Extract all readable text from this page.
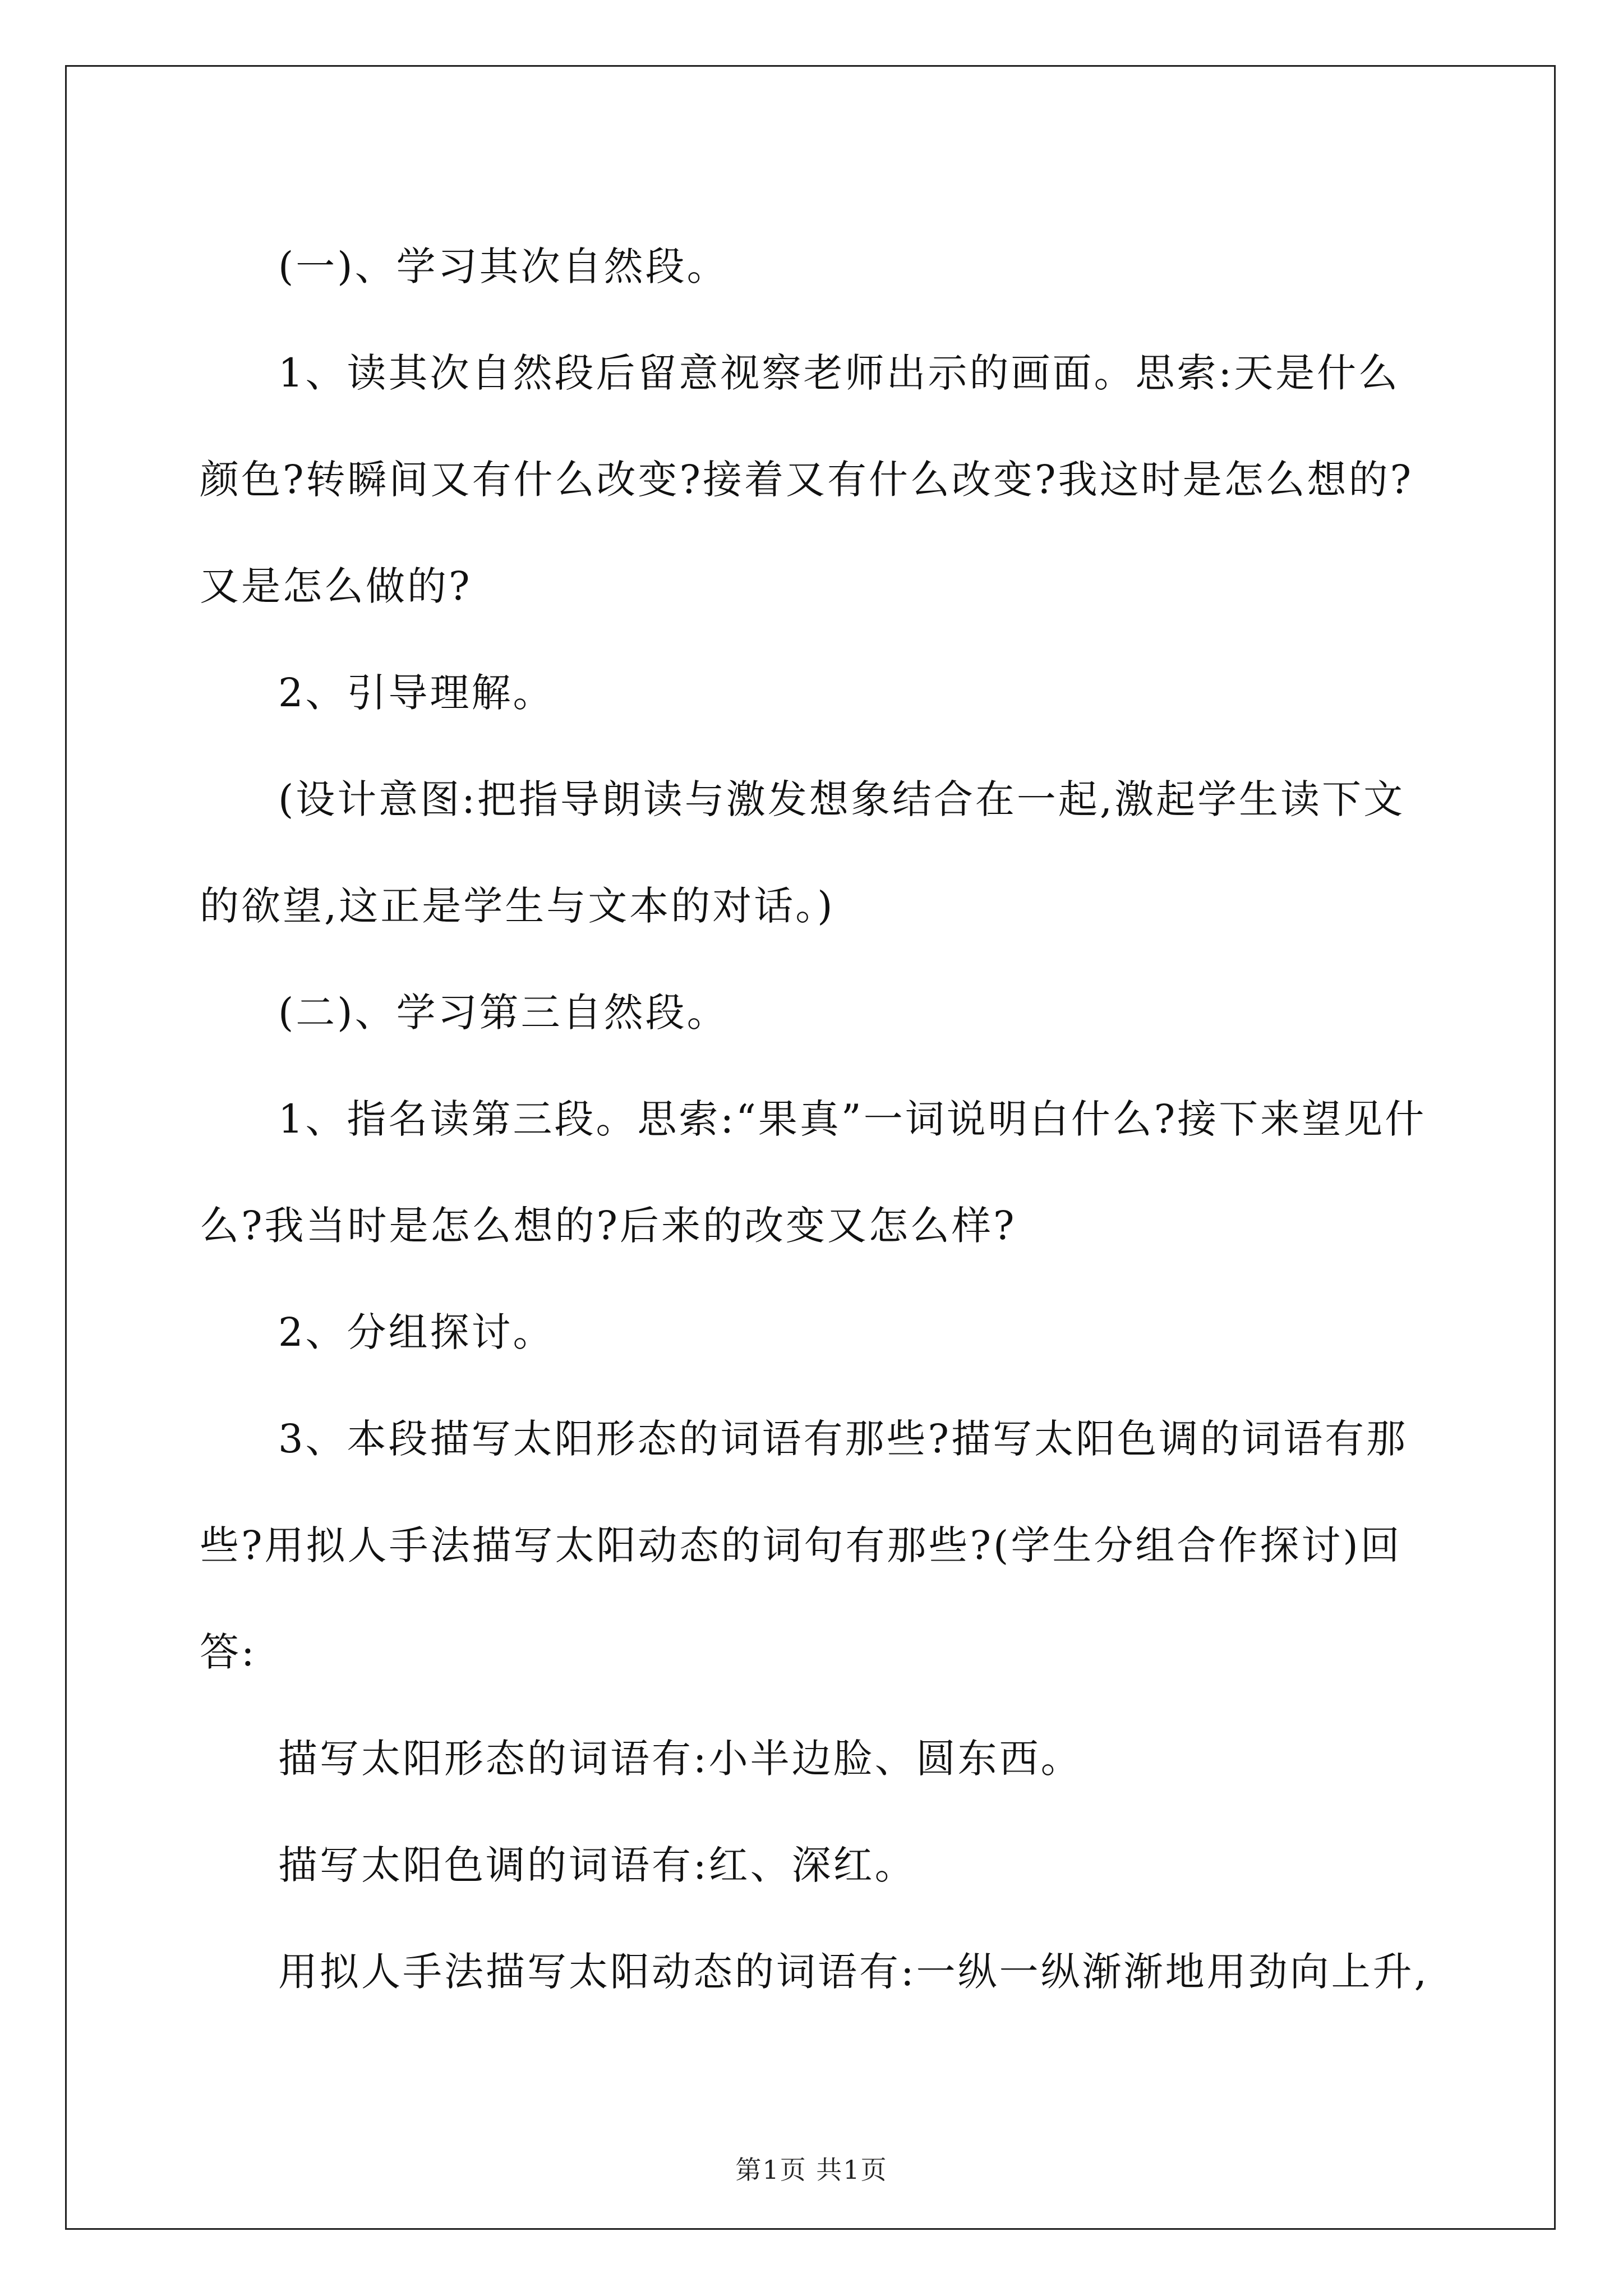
(一)、学习其次自然段。

1、读其次自然段后留意视察老师出示的画面。思索:天是什么颜色?转瞬间又有什么改变?接着又有什么改变?我这时是怎么想的?又是怎么做的?

2、引导理解。

(设计意图:把指导朗读与激发想象结合在一起,激起学生读下文的欲望,这正是学生与文本的对话。)

(二)、学习第三自然段。

1、指名读第三段。思索:“果真”一词说明白什么?接下来望见什么?我当时是怎么想的?后来的改变又怎么样?

2、分组探讨。

3、本段描写太阳形态的词语有那些?描写太阳色调的词语有那些?用拟人手法描写太阳动态的词句有那些?(学生分组合作探讨)回答:

描写太阳形态的词语有:小半边脸、圆东西。

描写太阳色调的词语有:红、深红。

用拟人手法描写太阳动态的词语有:一纵一纵渐渐地用劲向上升,

第1页 共1页
